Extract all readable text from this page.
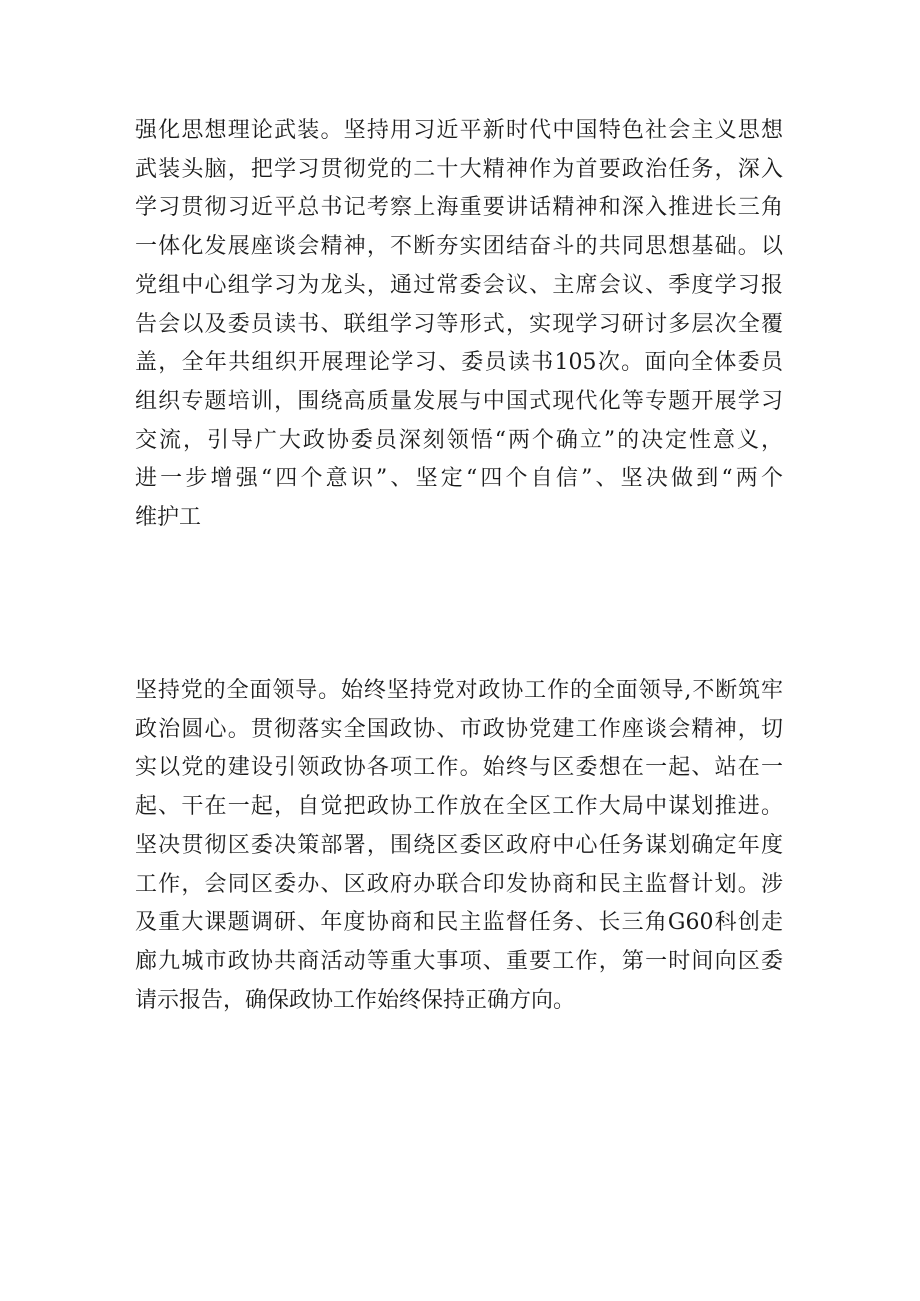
强化思想理论武装。坚持用习近平新时代中国特色社会主义思想
武装头脑，把学习贯彻党的二十大精神作为首要政治任务，深入
学习贯彻习近平总书记考察上海重要讲话精神和深入推进长三角
一体化发展座谈会精神，不断夯实团结奋斗的共同思想基础。以
党组中心组学习为龙头，通过常委会议、主席会议、季度学习报
告会以及委员读书、联组学习等形式，实现学习研讨多层次全覆
盖，全年共组织开展理论学习、委员读书105次。面向全体委员
组织专题培训，围绕高质量发展与中国式现代化等专题开展学习
交流，引导广大政协委员深刻领悟“两个确立”的决定性意义，
进一步增强“四个意识”、坚定“四个自信”、坚决做到“两个
维护工
坚持党的全面领导。始终坚持党对政协工作的全面领导,不断筑牢
政治圆心。贯彻落实全国政协、市政协党建工作座谈会精神，切
实以党的建设引领政协各项工作。始终与区委想在一起、站在一
起、干在一起，自觉把政协工作放在全区工作大局中谋划推进。
坚决贯彻区委决策部署，围绕区委区政府中心任务谋划确定年度
工作，会同区委办、区政府办联合印发协商和民主监督计划。涉
及重大课题调研、年度协商和民主监督任务、长三角G60科创走
廊九城市政协共商活动等重大事项、重要工作，第一时间向区委
请示报告，确保政协工作始终保持正确方向。
